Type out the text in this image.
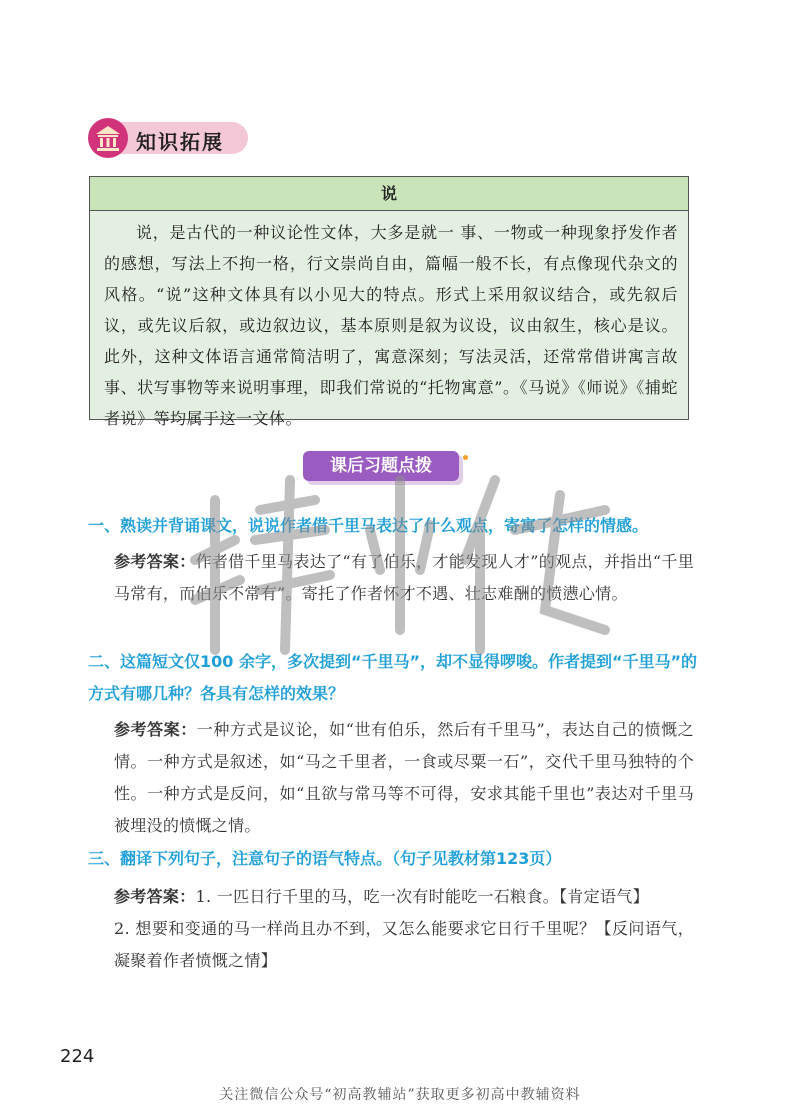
知识拓展
说
说，是古代的一种议论性文体，大多是就一 事、一物或一种现象抒发作者的感想，写法上不拘一格，行文崇尚自由，篇幅一般不长，有点像现代杂文的风格。“说”这种文体具有以小见大的特点。形式上采用叙议结合，或先叙后议，或先议后叙，或边叙边议，基本原则是叙为议设，议由叙生，核心是议。此外，这种文体语言通常简洁明了，寓意深刻；写法灵活，还常常借讲寓言故事、状写事物等来说明事理，即我们常说的“托物寓意”。《马说》《师说》《捕蛇者说》等均属于这一文体。
课后习题点拨
一、熟读并背诵课文，说说作者借千里马表达了什么观点，寄寓了怎样的情感。
参考答案：作者借千里马表达了“有了伯乐，才能发现人才”的观点，并指出“千里马常有，而伯乐不常有”。寄托了作者怀才不遇、壮志难酬的愤懑心情。
二、这篇短文仅100 余字，多次提到“千里马”，却不显得啰唆。作者提到“千里马”的方式有哪几种？各具有怎样的效果？
参考答案：一种方式是议论，如“世有伯乐，然后有千里马”，表达自己的愤慨之情。一种方式是叙述，如“马之千里者，一食或尽粟一石”，交代千里马独特的个性。一种方式是反问，如“且欲与常马等不可得，安求其能千里也”表达对千里马被埋没的愤慨之情。
三、翻译下列句子，注意句子的语气特点。（句子见教材第123页）
参考答案：1. 一匹日行千里的马，吃一次有时能吃一石粮食。【肯定语气】
2. 想要和变通的马一样尚且办不到，又怎么能要求它日行千里呢？【反问语气，凝聚着作者愤慨之情】
224
关注微信公众号“初高教辅站”获取更多初高中教辅资料
